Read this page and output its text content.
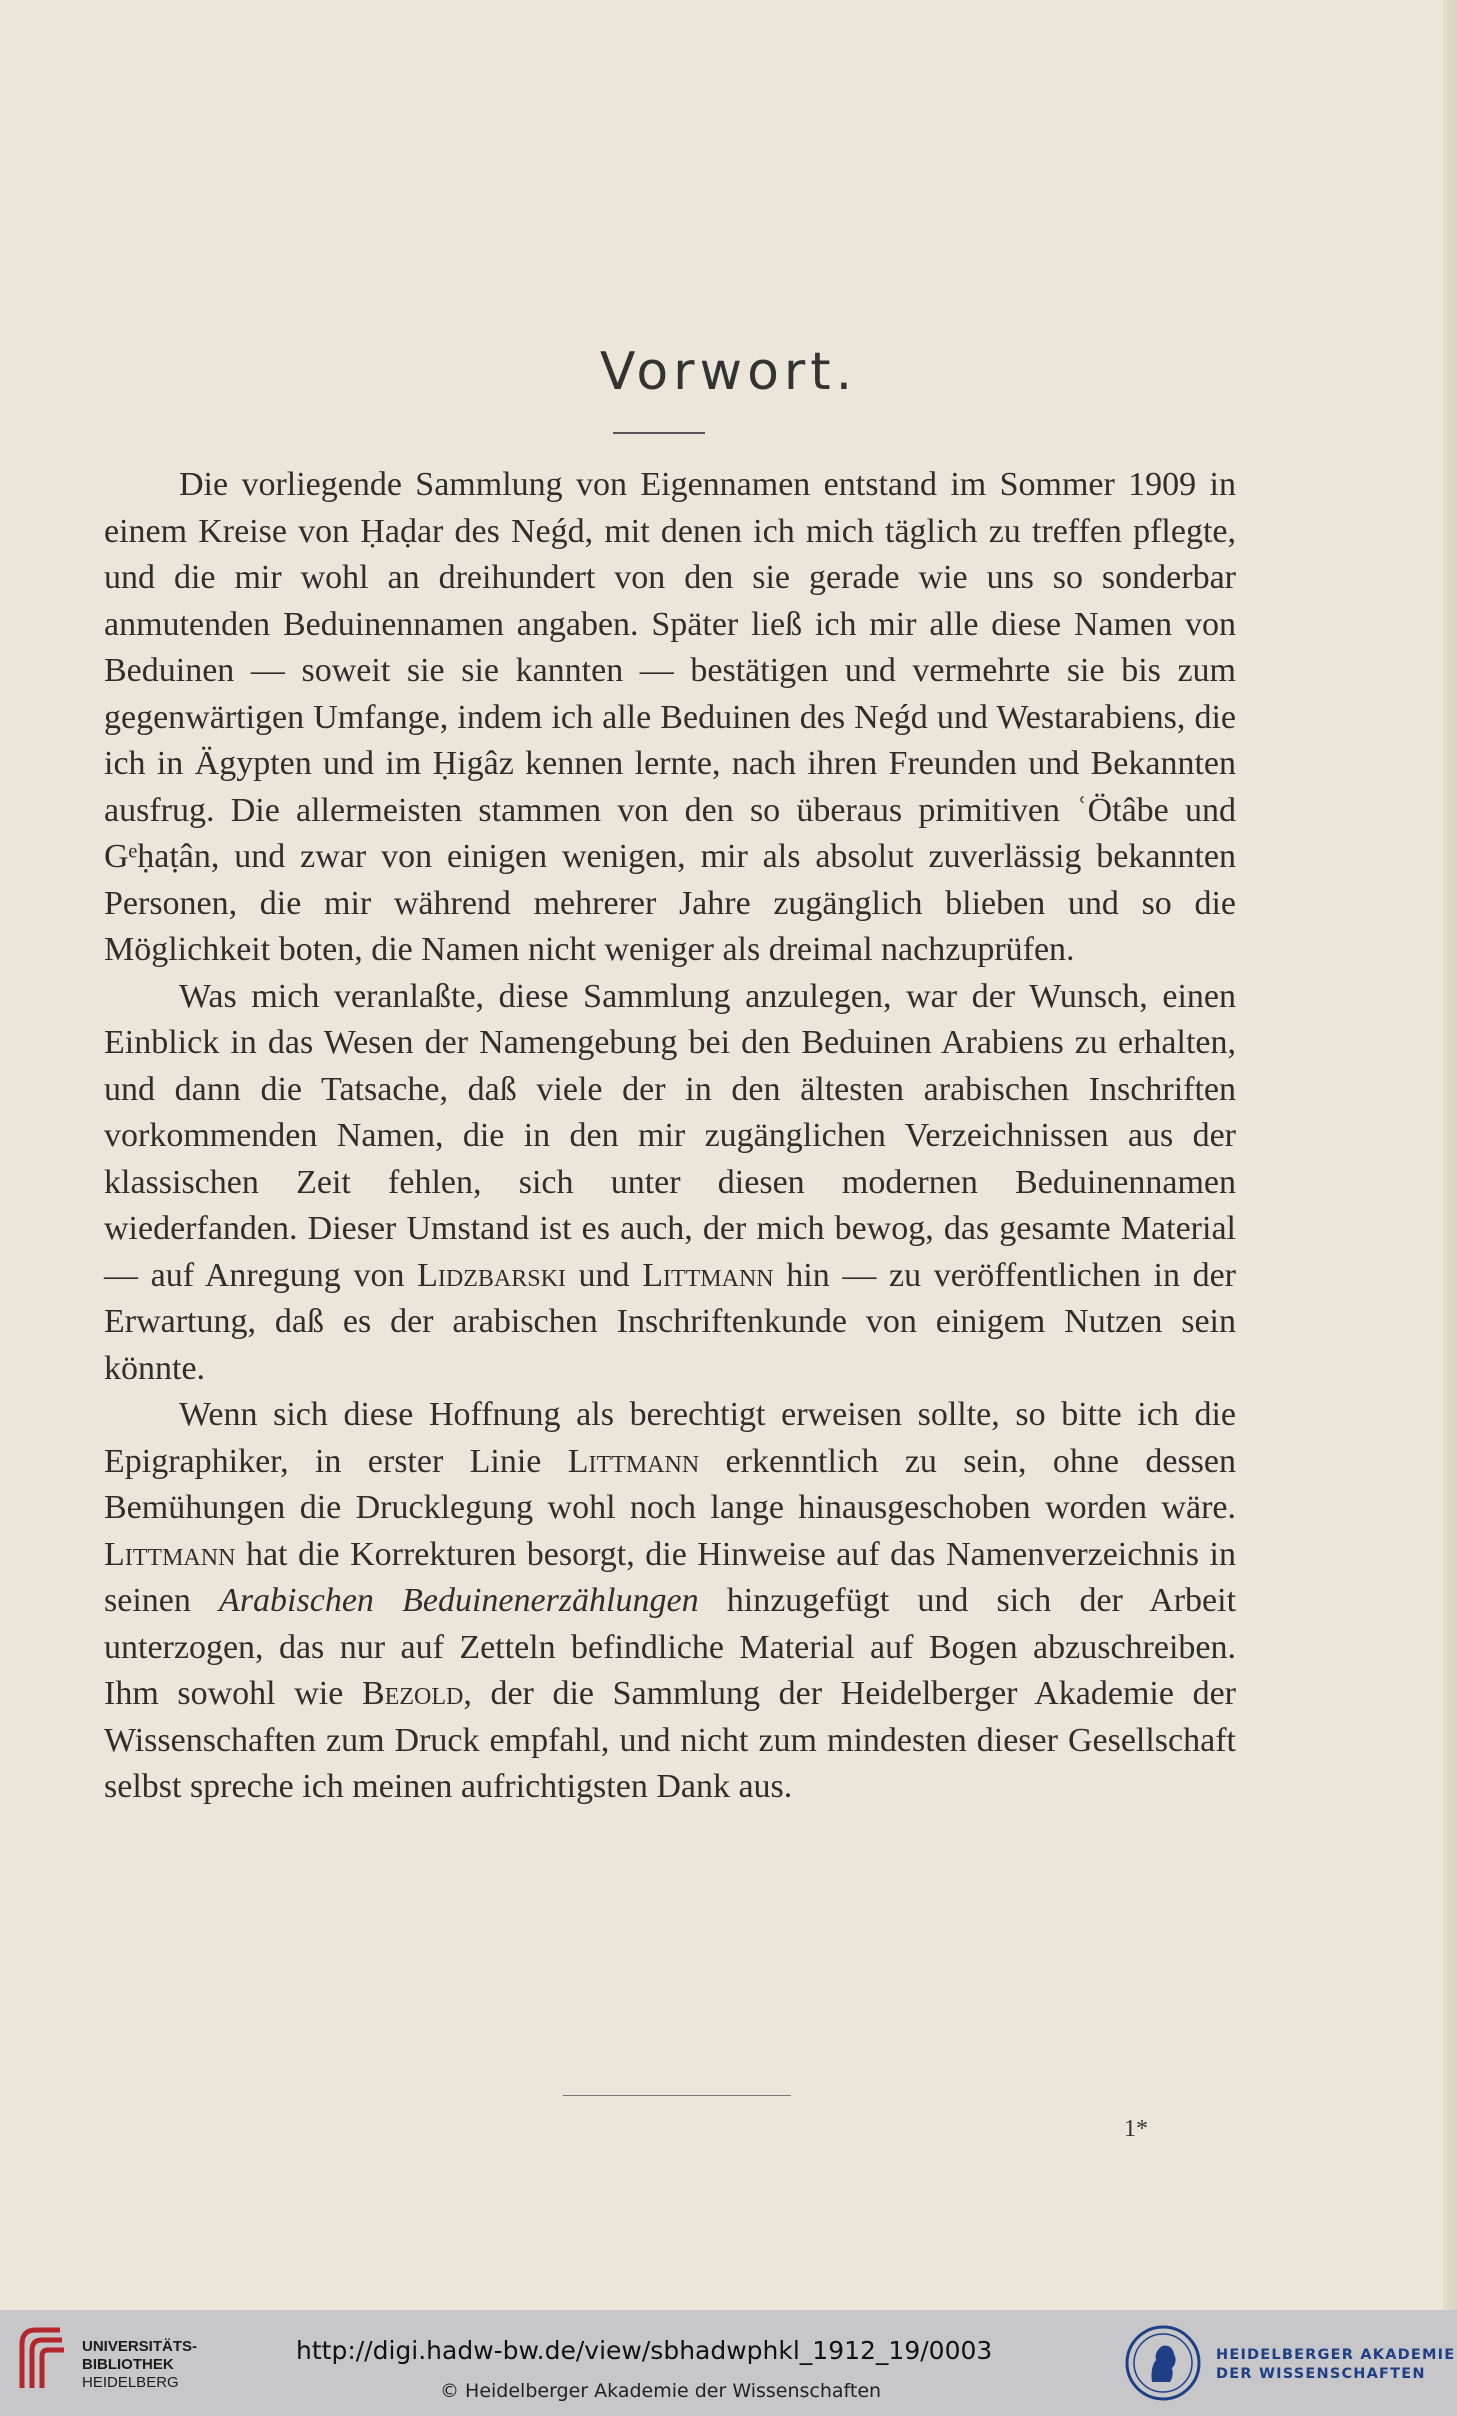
Vorwort.

Die vorliegende Sammlung von Eigennamen entstand im Sommer 1909 in einem Kreise von Ḥaḍar des Neǵd, mit denen ich mich täglich zu treffen pflegte, und die mir wohl an dreihundert von den sie gerade wie uns so sonderbar anmutenden Beduinennamen angaben. Später ließ ich mir alle diese Namen von Beduinen — soweit sie sie kannten — bestätigen und vermehrte sie bis zum gegenwärtigen Umfange, indem ich alle Beduinen des Neǵd und Westarabiens, die ich in Ägypten und im Ḥigâz kennen lernte, nach ihren Freunden und Bekannten ausfrug. Die allermeisten stammen von den so überaus primitiven ʿÖtâbe und Gᵉḥaṭân, und zwar von einigen wenigen, mir als absolut zuverlässig bekannten Personen, die mir während mehrerer Jahre zugänglich blieben und so die Möglichkeit boten, die Namen nicht weniger als dreimal nachzuprüfen.

Was mich veranlaßte, diese Sammlung anzulegen, war der Wunsch, einen Einblick in das Wesen der Namengebung bei den Beduinen Arabiens zu erhalten, und dann die Tatsache, daß viele der in den ältesten arabischen Inschriften vorkommenden Namen, die in den mir zugänglichen Verzeichnissen aus der klassischen Zeit fehlen, sich unter diesen modernen Beduinennamen wiederfanden. Dieser Umstand ist es auch, der mich bewog, das gesamte Material — auf Anregung von Lidzbarski und Littmann hin — zu veröffentlichen in der Erwartung, daß es der arabischen Inschriftenkunde von einigem Nutzen sein könnte.

Wenn sich diese Hoffnung als berechtigt erweisen sollte, so bitte ich die Epigraphiker, in erster Linie Littmann erkenntlich zu sein, ohne dessen Bemühungen die Drucklegung wohl noch lange hinausgeschoben worden wäre. Littmann hat die Korrekturen besorgt, die Hinweise auf das Namenverzeichnis in seinen Arabischen Beduinenerzählungen hinzugefügt und sich der Arbeit unterzogen, das nur auf Zetteln befindliche Material auf Bogen abzuschreiben. Ihm sowohl wie Bezold, der die Sammlung der Heidelberger Akademie der Wissenschaften zum Druck empfahl, und nicht zum mindesten dieser Gesellschaft selbst spreche ich meinen aufrichtigsten Dank aus.

1*
UNIVERSITÄTS-
BIBLIOTHEK
HEIDELBERG
http://digi.hadw-bw.de/view/sbhadwphkl_1912_19/0003
© Heidelberger Akademie der Wissenschaften
HEIDELBERGER AKADEMIE
DER WISSENSCHAFTEN
